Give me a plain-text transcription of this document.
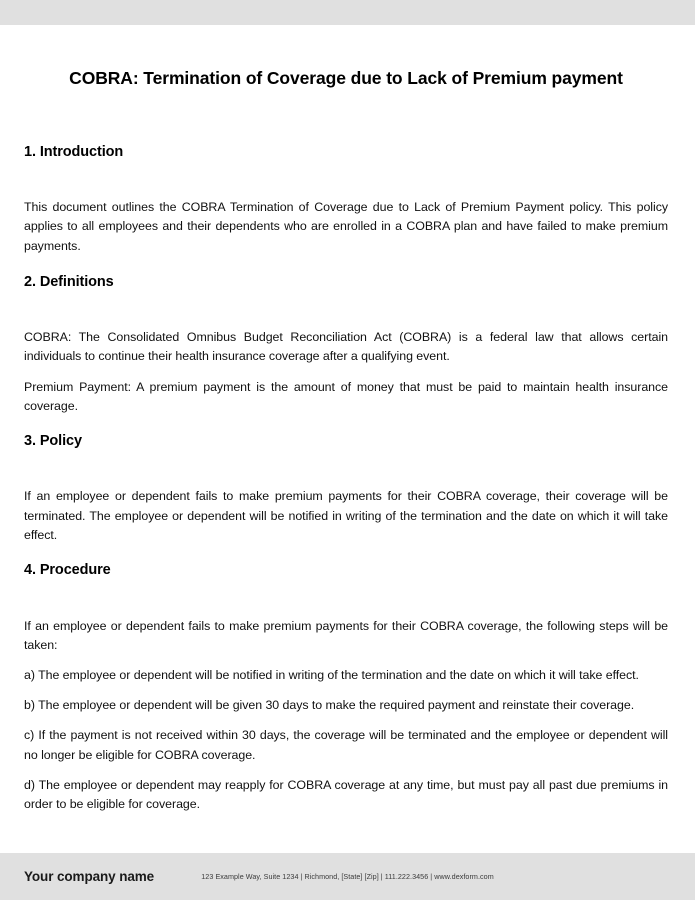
COBRA: Termination of Coverage due to Lack of Premium payment
1. Introduction

This document outlines the COBRA Termination of Coverage due to Lack of Premium Payment policy. This policy applies to all employees and their dependents who are enrolled in a COBRA plan and have failed to make premium payments.

2. Definitions

COBRA: The Consolidated Omnibus Budget Reconciliation Act (COBRA) is a federal law that allows certain individuals to continue their health insurance coverage after a qualifying event.

Premium Payment: A premium payment is the amount of money that must be paid to maintain health insurance coverage.

3. Policy

If an employee or dependent fails to make premium payments for their COBRA coverage, their coverage will be terminated. The employee or dependent will be notified in writing of the termination and the date on which it will take effect.

4. Procedure

If an employee or dependent fails to make premium payments for their COBRA coverage, the following steps will be taken:

a) The employee or dependent will be notified in writing of the termination and the date on which it will take effect.

b) The employee or dependent will be given 30 days to make the required payment and reinstate their coverage.

c) If the payment is not received within 30 days, the coverage will be terminated and the employee or dependent will no longer be eligible for COBRA coverage.

d) The employee or dependent may reapply for COBRA coverage at any time, but must pay all past due premiums in order to be eligible for coverage.

Your company name	123 Example Way, Suite 1234 | Richmond, [State] [Zip] | 111.222.3456 | www.dexform.com
